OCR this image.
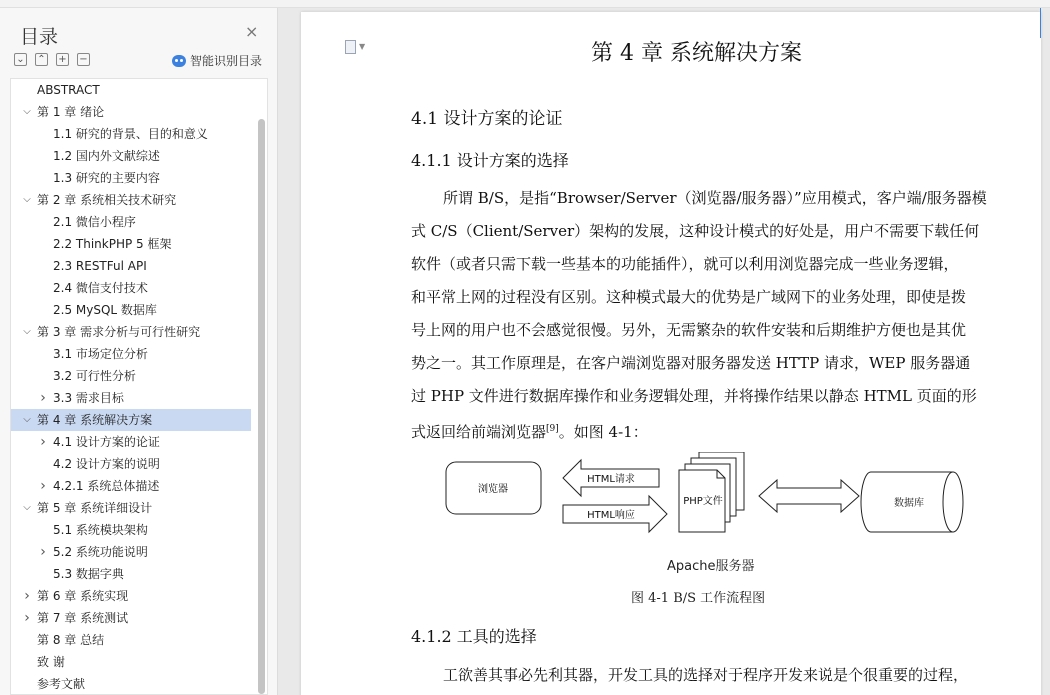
目录	×
⌄ ⌃ + −	智能识别目录
ABSTRACT
⌵ 第 1 章 绪论
1.1 研究的背景、目的和意义
1.2 国内外文献综述
1.3 研究的主要内容
⌵ 第 2 章 系统相关技术研究
2.1 微信小程序
2.2 ThinkPHP 5 框架
2.3 RESTFul API
2.4 微信支付技术
2.5 MySQL 数据库
⌵ 第 3 章 需求分析与可行性研究
3.1 市场定位分析
3.2 可行性分析
› 3.3 需求目标
⌵ 第 4 章 系统解决方案
› 4.1 设计方案的论证
4.2 设计方案的说明
› 4.2.1 系统总体描述
⌵ 第 5 章 系统详细设计
5.1 系统模块架构
› 5.2 系统功能说明
5.3 数据字典
› 第 6 章 系统实现
› 第 7 章 系统测试
第 8 章 总结
致 谢
参考文献
▼	第 4 章 系统解决方案
4.1 设计方案的论证
4.1.1 设计方案的选择
所谓 B/S，是指“Browser/Server（浏览器/服务器）”应用模式，客户端/服务器模
式 C/S（Client/Server）架构的发展，这种设计模式的好处是，用户不需要下载任何
软件（或者只需下载一些基本的功能插件），就可以利用浏览器完成一些业务逻辑，
和平常上网的过程没有区别。这种模式最大的优势是广域网下的业务处理，即使是拨
号上网的用户也不会感觉很慢。另外，无需繁杂的软件安装和后期维护方便也是其优
势之一。其工作原理是，在客户端浏览器对服务器发送 HTTP 请求，WEP 服务器通
过 PHP 文件进行数据库操作和业务逻辑处理，并将操作结果以静态 HTML 页面的形
式返回给前端浏览器[9]。如图 4-1：
浏览器
HTML请求
HTML响应
PHP文件	数据库
Apache服务器
图 4-1 B/S 工作流程图
4.1.2 工具的选择
工欲善其事必先利其器，开发工具的选择对于程序开发来说是个很重要的过程，
